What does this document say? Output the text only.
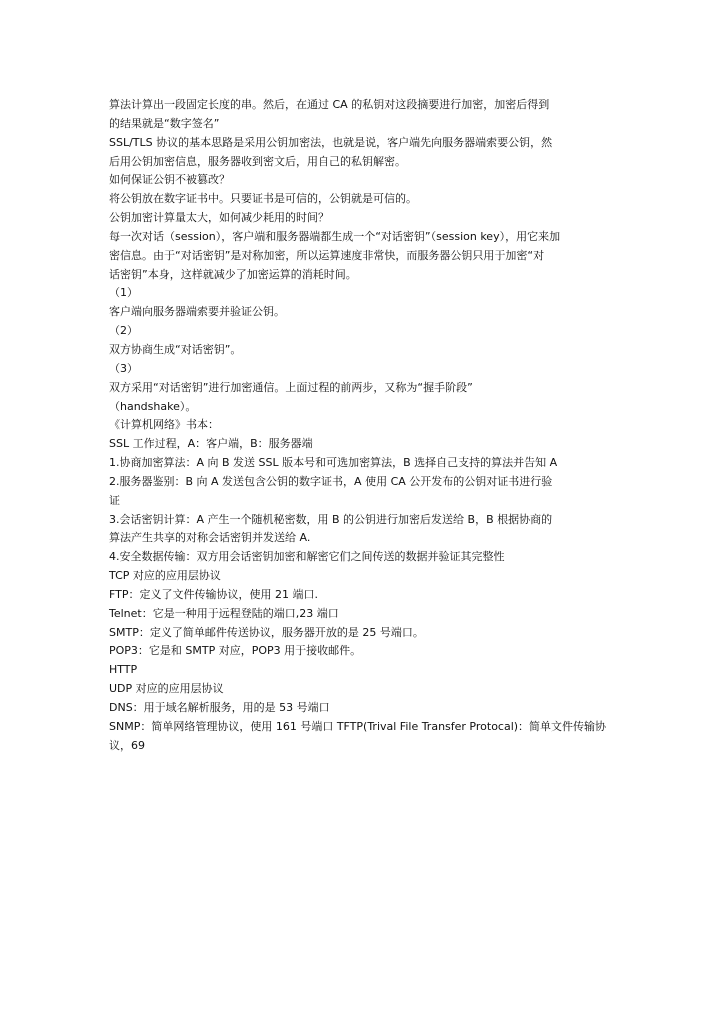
算法计算出一段固定长度的串。然后，在通过 CA 的私钥对这段摘要进行加密，加密后得到
的结果就是“数字签名”
SSL/TLS 协议的基本思路是采用公钥加密法，也就是说，客户端先向服务器端索要公钥，然
后用公钥加密信息，服务器收到密文后，用自己的私钥解密。
如何保证公钥不被篡改？
将公钥放在数字证书中。只要证书是可信的，公钥就是可信的。
公钥加密计算量太大，如何减少耗用的时间？
每一次对话（session），客户端和服务器端都生成一个“对话密钥”（session key），用它来加
密信息。由于“对话密钥”是对称加密，所以运算速度非常快，而服务器公钥只用于加密“对
话密钥”本身，这样就减少了加密运算的消耗时间。
（1）
客户端向服务器端索要并验证公钥。
（2）
双方协商生成“对话密钥”。
（3）
双方采用“对话密钥”进行加密通信。上面过程的前两步，又称为“握手阶段”
（handshake）。
《计算机网络》书本：
SSL 工作过程，A：客户端，B：服务器端
1.协商加密算法：A 向 B 发送 SSL 版本号和可选加密算法，B 选择自己支持的算法并告知 A
2.服务器鉴别：B 向 A 发送包含公钥的数字证书，A 使用 CA 公开发布的公钥对证书进行验
证
3.会话密钥计算：A 产生一个随机秘密数，用 B 的公钥进行加密后发送给 B，B 根据协商的
算法产生共享的对称会话密钥并发送给 A.
4.安全数据传输：双方用会话密钥加密和解密它们之间传送的数据并验证其完整性
TCP 对应的应用层协议
FTP：定义了文件传输协议，使用 21 端口.
Telnet：它是一种用于远程登陆的端口,23 端口
SMTP：定义了简单邮件传送协议，服务器开放的是 25 号端口。
POP3：它是和 SMTP 对应，POP3 用于接收邮件。
HTTP
UDP 对应的应用层协议
DNS：用于域名解析服务，用的是 53 号端口
SNMP：简单网络管理协议，使用 161 号端口 TFTP(Trival File Transfer Protocal)：简单文件传输协
议，69
